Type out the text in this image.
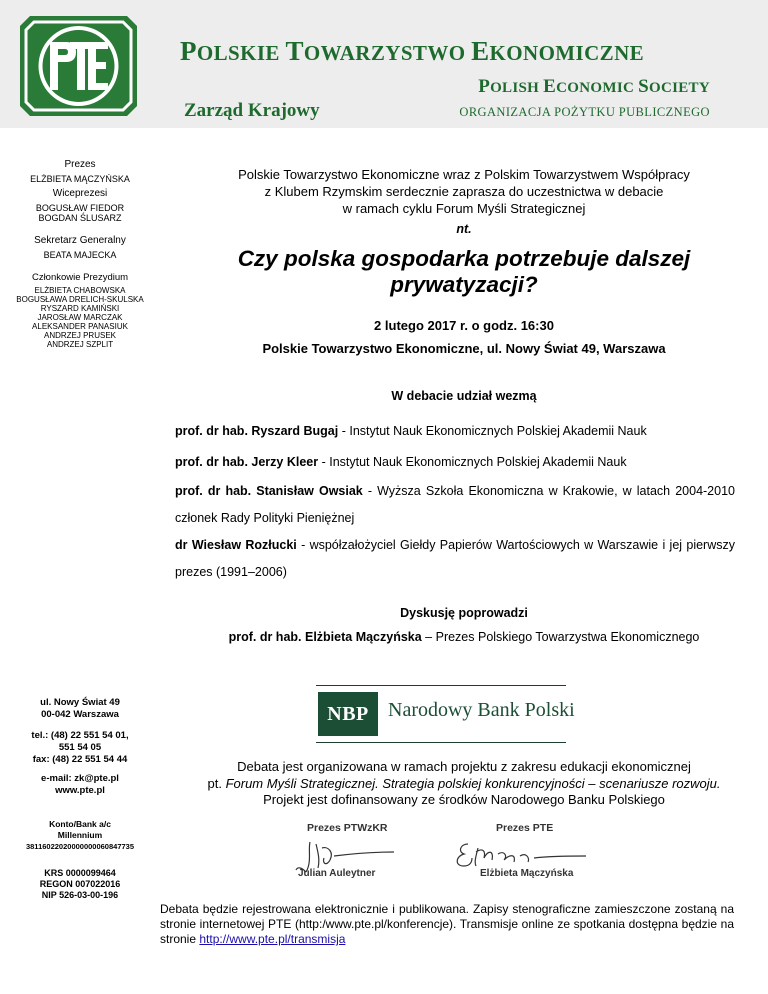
POLSKIE TOWARZYSTWO EKONOMICZNE
POLISH ECONOMIC SOCIETY
Zarząd Krajowy	ORGANIZACJA POŻYTKU PUBLICZNEGO
Prezes
ELŻBIETA MĄCZYŃSKA
Wiceprezesi
BOGUSŁAW FIEDOR
BOGDAN ŚLUSARZ
Sekretarz Generalny
BEATA MAJECKA
Członkowie Prezydium
ELŻBIETA CHABOWSKA
BOGUSŁAWA DRELICH-SKULSKA
RYSZARD KAMIŃSKI
JAROSŁAW MARCZAK
ALEKSANDER PANASIUK
ANDRZEJ PRUSEK
ANDRZEJ SZPLIT
ul. Nowy Świat 49
00-042 Warszawa
tel.: (48) 22 551 54 01,
551 54 05
fax: (48) 22 551 54 44
e-mail: zk@pte.pl
www.pte.pl
Konto/Bank a/c
Millennium
38116022020000000060847735
KRS 0000099464
REGON 007022016
NIP 526-03-00-196
Polskie Towarzystwo Ekonomiczne wraz z Polskim Towarzystwem Współpracy
z Klubem Rzymskim serdecznie zaprasza do uczestnictwa w debacie
w ramach cyklu Forum Myśli Strategicznej
nt.
Czy polska gospodarka potrzebuje dalszej
prywatyzacji?
2 lutego 2017 r. o godz. 16:30
Polskie Towarzystwo Ekonomiczne, ul. Nowy Świat 49, Warszawa
W debacie udział wezmą
prof. dr hab. Ryszard Bugaj - Instytut Nauk Ekonomicznych Polskiej Akademii Nauk
prof. dr hab. Jerzy Kleer - Instytut Nauk Ekonomicznych Polskiej Akademii Nauk
prof. dr hab. Stanisław Owsiak - Wyższa Szkoła Ekonomiczna w Krakowie, w latach 2004-2010 członek Rady Polityki Pieniężnej
dr Wiesław Rozłucki - współzałożyciel Giełdy Papierów Wartościowych w Warszawie i jej pierwszy prezes (1991–2006)
Dyskusję poprowadzi
prof. dr hab. Elżbieta Mączyńska – Prezes Polskiego Towarzystwa Ekonomicznego
NBP Narodowy Bank Polski
Debata jest organizowana w ramach projektu z zakresu edukacji ekonomicznej
pt. Forum Myśli Strategicznej. Strategia polskiej konkurencyjności – scenariusze rozwoju.
Projekt jest dofinansowany ze środków Narodowego Banku Polskiego
Prezes PTWzKR	Prezes PTE
Julian Auleytner	Elżbieta Mączyńska
Debata będzie rejestrowana elektronicznie i publikowana. Zapisy stenograficzne zamieszczone zostaną na stronie internetowej PTE (http:/www.pte.pl/konferencje). Transmisje online ze spotkania dostępna będzie na stronie http://www.pte.pl/transmisja
